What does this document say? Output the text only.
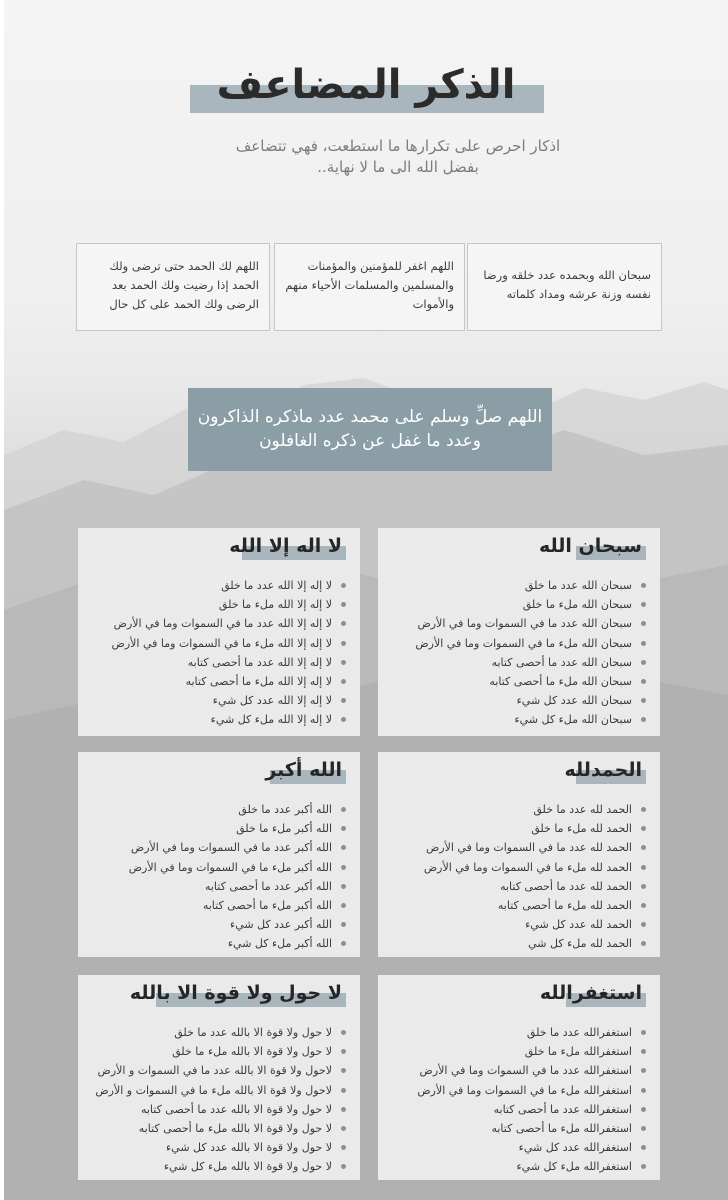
الذكر المضاعف
اذكار احرص على تكرارها ما استطعت، فهي تتضاعف بفضل الله الى ما لا نهاية..
سبحان الله وبحمده عدد خلقه ورضا نفسه وزنة عرشه ومداد كلماته
اللهم اغفر للمؤمنين والمؤمنات والمسلمين والمسلمات الأحياء منهم والأموات
اللهم لك الحمد حتى ترضى ولك الحمد إذا رضيت ولك الحمد بعد الرضى ولك الحمد على كل حال
اللهم صلِّ وسلم على محمد عدد ماذكره الذاكرون وعدد ما غفل عن ذكره الغافلون
سبحان الله
سبحان الله عدد ما خلق
سبحان الله ملء ما خلق
سبحان الله عدد ما في السموات وما في الأرض
سبحان الله ملء ما في السموات وما في الأرض
سبحان الله عدد ما أحصى كتابه
سبحان الله ملء ما أحصى كتابه
سبحان الله عدد كل شيء
سبحان الله ملء كل شيء
لا اله إلا الله
لا إله إلا الله عدد ما خلق
لا إله إلا الله ملء ما خلق
لا إله إلا الله عدد ما في السموات وما في الأرض
لا إله إلا الله ملء ما في السموات وما في الأرض
لا إله إلا الله عدد ما أحصى كتابه
لا إله إلا الله ملء ما أحصى كتابه
لا إله إلا الله عدد كل شيء
لا إله إلا الله ملء كل شيء
الحمدلله
الحمد لله عدد ما خلق
الحمد لله ملء ما خلق
الحمد لله عدد ما في السموات وما في الأرض
الحمد لله ملء ما في السموات وما في الأرض
الحمد لله عدد ما أحصى كتابه
الحمد لله ملء ما أحصى كتابه
الحمد لله عدد كل شيء
الحمد لله ملء كل شي
الله أكبر
الله أكبر عدد ما خلق
الله أكبر ملء ما خلق
الله أكبر عدد ما في السموات وما في الأرض
الله أكبر ملء ما في السموات وما في الأرض
الله أكبر عدد ما أحصى كتابه
الله أكبر ملء ما أحصى كتابه
الله أكبر عدد كل شيء
الله أكبر ملء كل شيء
استغفرالله
استغفرالله عدد ما خلق
استغفرالله ملء ما خلق
استغفرالله عدد ما في السموات وما في الأرض
استغفرالله ملء ما في السموات وما في الأرض
استغفرالله عدد ما أحصى كتابه
استغفرالله ملء ما أحصى كتابه
استغفرالله عدد كل شيء
استغفرالله ملء كل شيء
لا حول ولا قوة الا بالله
لا حول ولا قوة الا بالله عدد ما خلق
لا حول ولا قوة الا بالله ملء ما خلق
لاحول ولا قوة الا بالله عدد ما في السموات و الأرض
لاحول ولا قوة الا بالله ملء ما في السموات و الأرض
لا حول ولا قوة الا بالله عدد ما أحصى كتابه
لا حول ولا قوة الا بالله ملء ما أحصى كتابه
لا حول ولا قوة الا بالله عدد كل شيء
لا حول ولا قوة الا بالله ملء كل شيء
